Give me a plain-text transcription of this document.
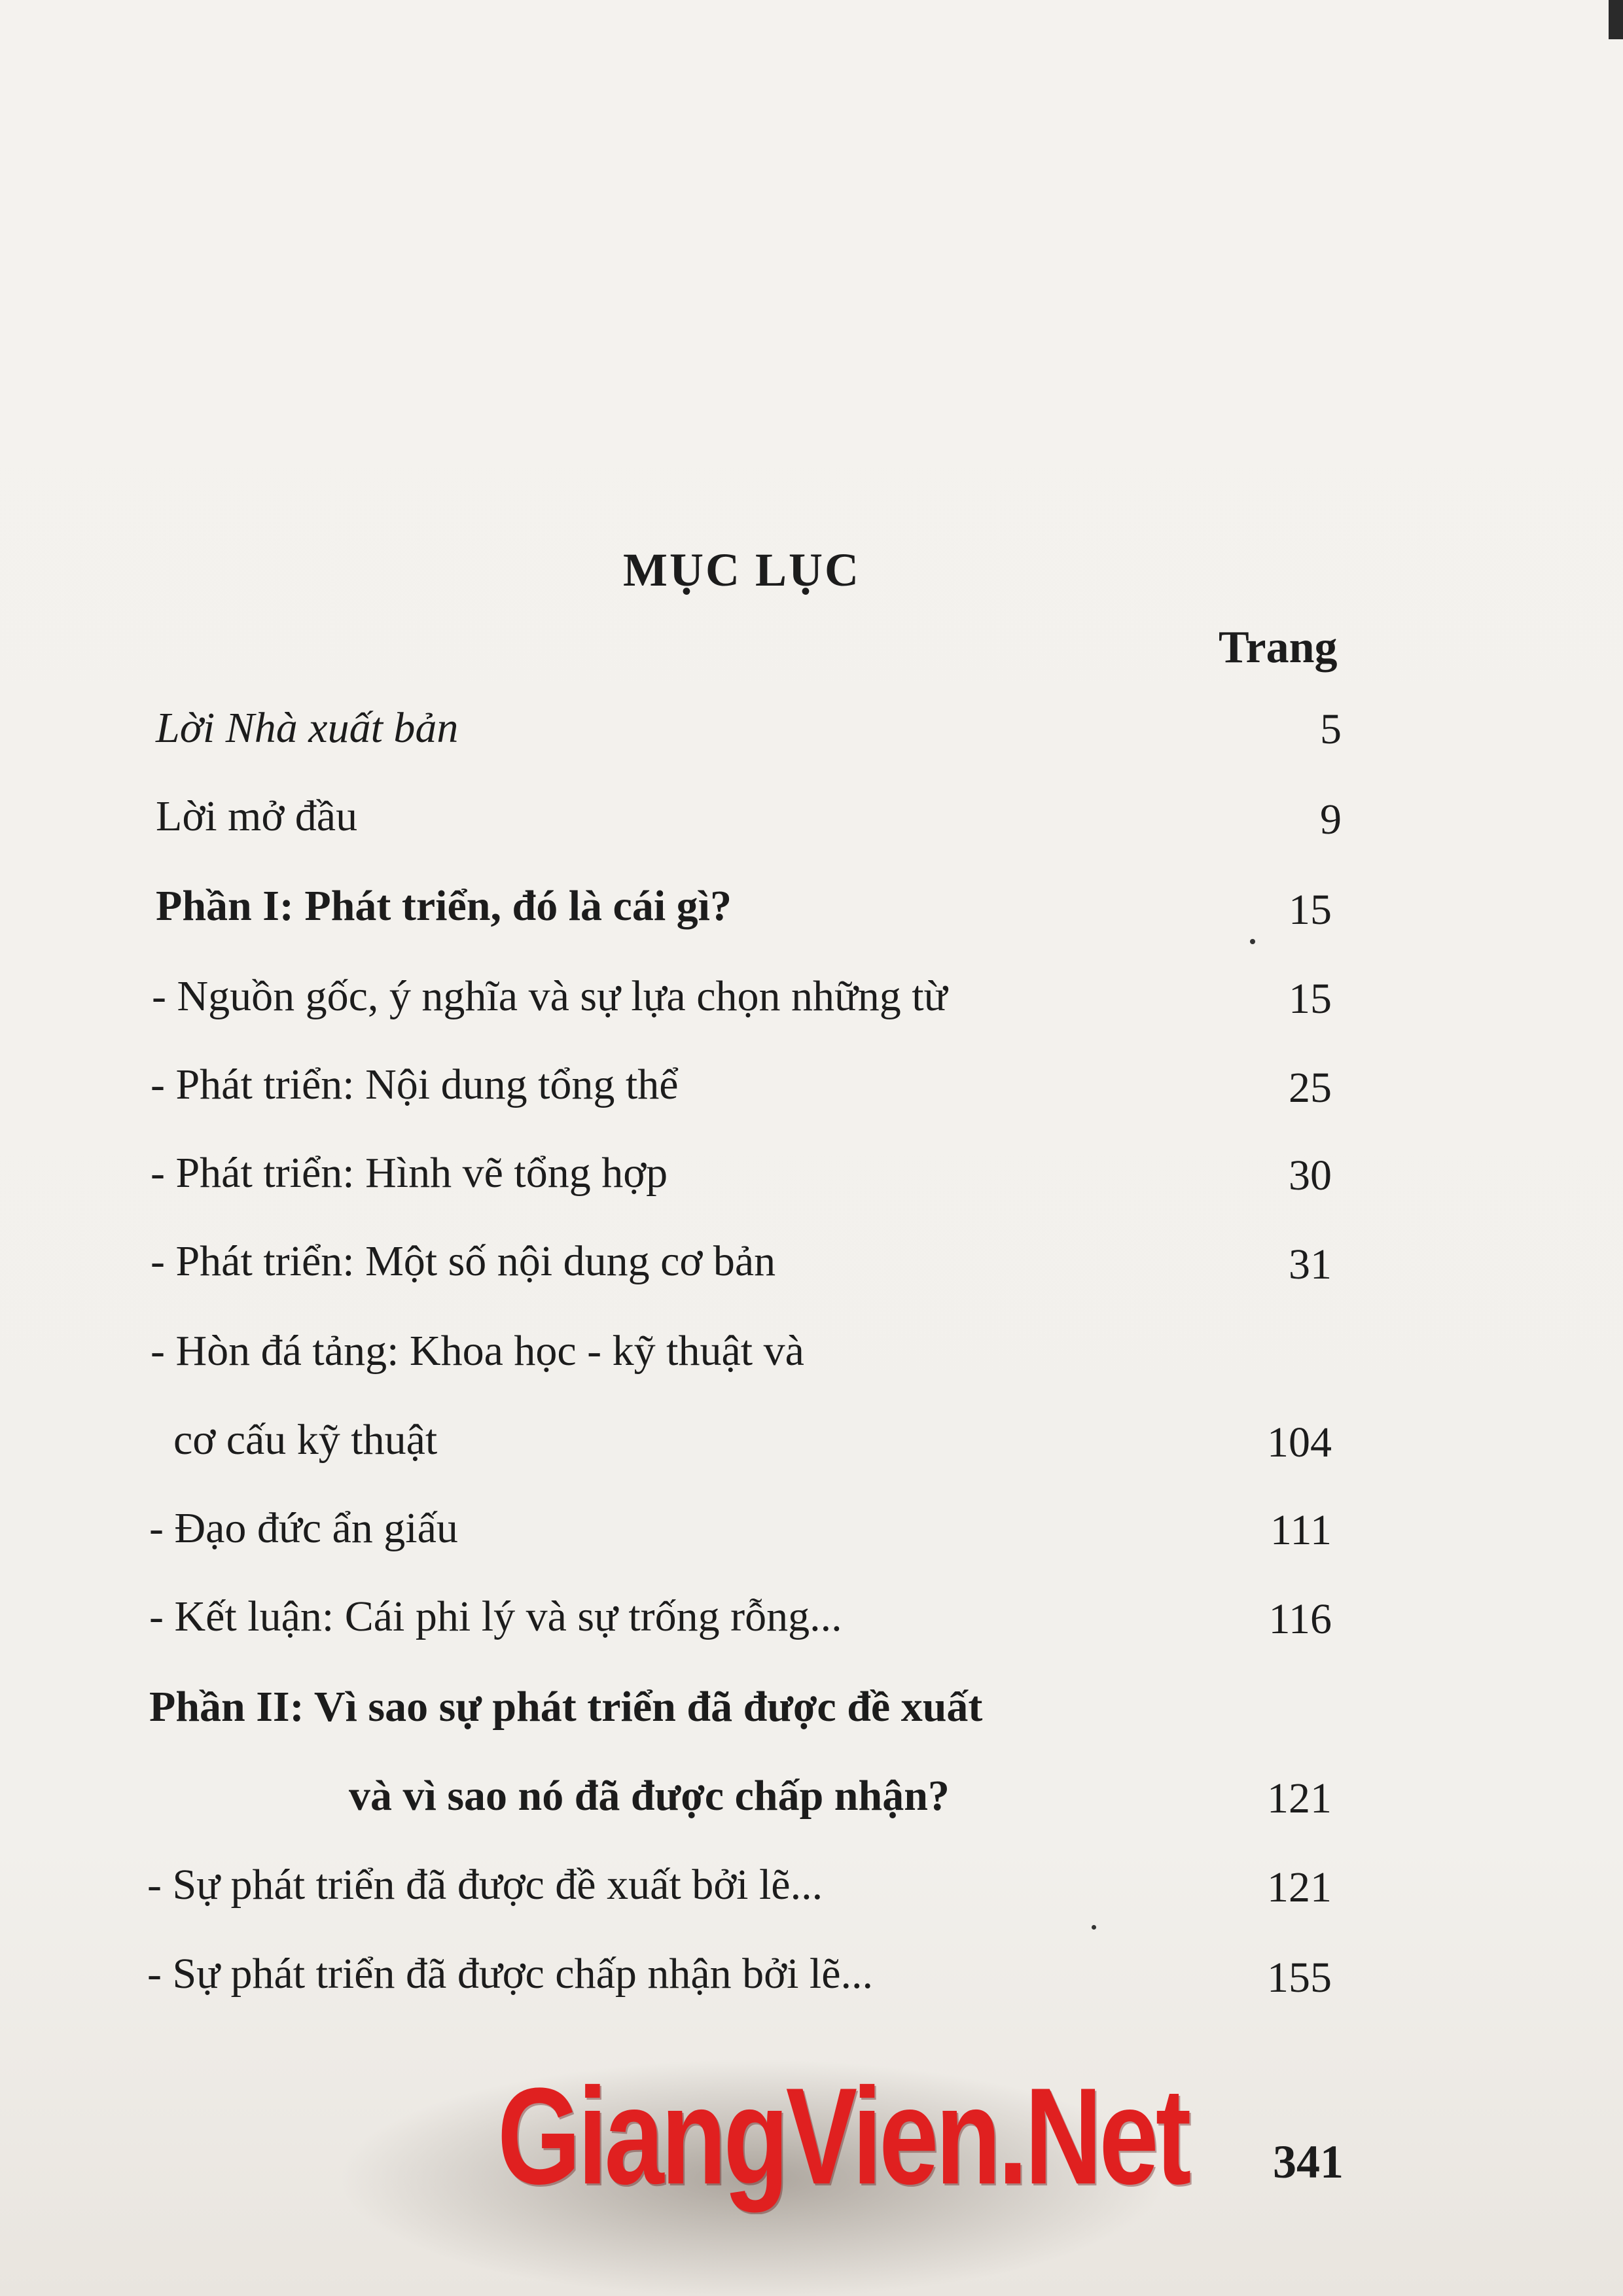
MỤC LỤC
Trang
Lời Nhà xuất bản	5
Lời mở đầu	9
Phần I: Phát triển, đó là cái gì?	15
- Nguồn gốc, ý nghĩa và sự lựa chọn những từ	15
- Phát triển: Nội dung tổng thể	25
- Phát triển: Hình vẽ tổng hợp	30
- Phát triển: Một số nội dung cơ bản	31
- Hòn đá tảng: Khoa học - kỹ thuật và
cơ cấu kỹ thuật	104
- Đạo đức ẩn giấu	111
- Kết luận: Cái phi lý và sự trống rỗng...	116
Phần II: Vì sao sự phát triển đã được đề xuất
và vì sao nó đã được chấp nhận?	121
- Sự phát triển đã được đề xuất bởi lẽ...	121
- Sự phát triển đã được chấp nhận bởi lẽ...	155
GiangVien.Net 341
